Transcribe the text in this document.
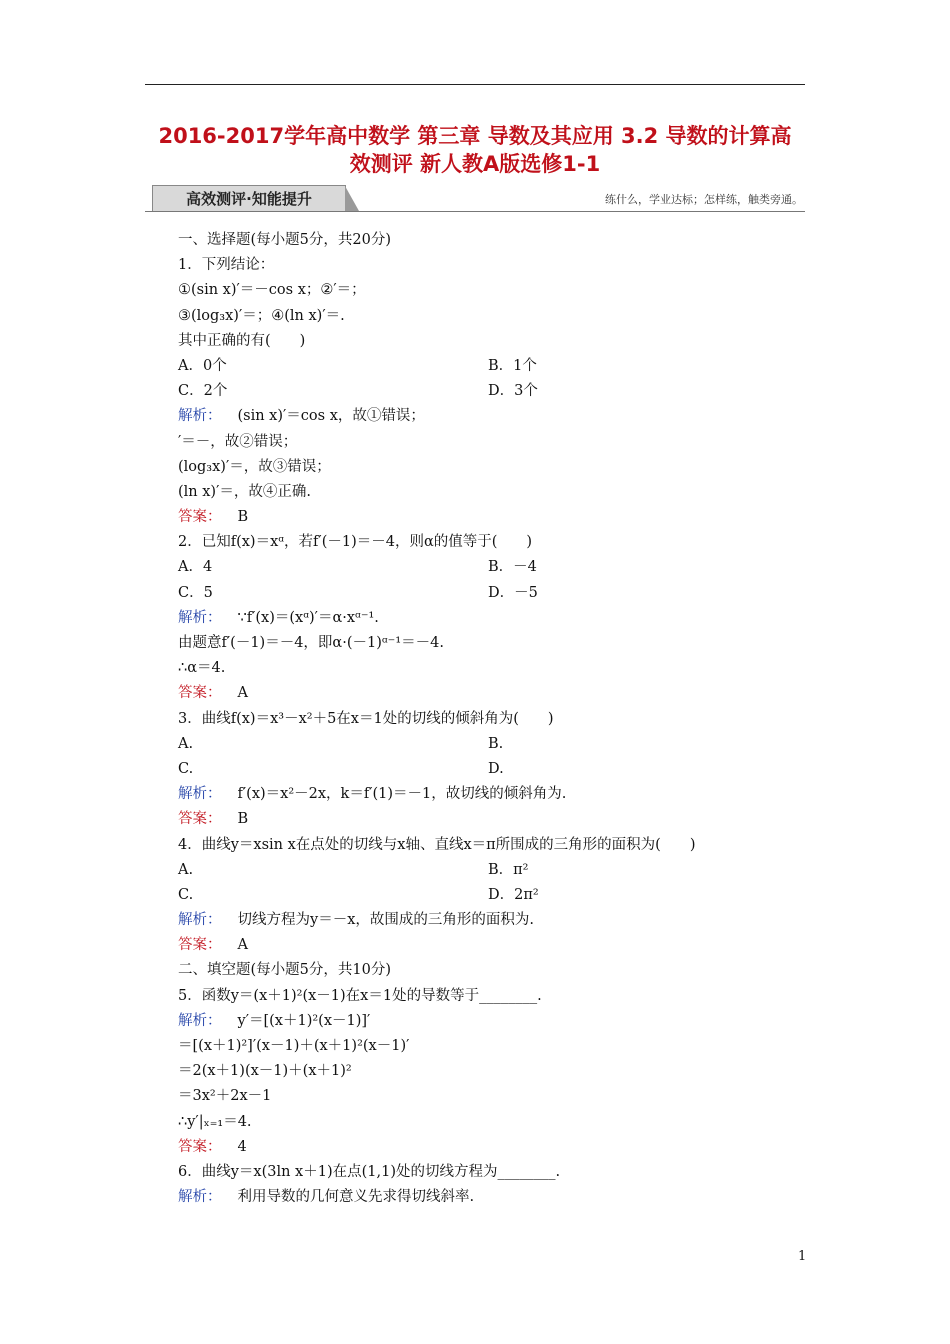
2016-2017学年高中数学 第三章 导数及其应用 3.2 导数的计算高
效测评 新人教A版选修1-1
高效测评·知能提升	练什么，学业达标；怎样练，触类旁通。
一、选择题(每小题5分，共20分)
1．下列结论：
①(sin x)′＝－cos x；②′＝；
③(log₃x)′＝；④(ln x)′＝.
其中正确的有(　　)
A．0个	B．1个
C．2个	D．3个
解析： (sin x)′＝cos x，故①错误；
′＝－，故②错误；
(log₃x)′＝，故③错误；
(ln x)′＝，故④正确.
答案： B
2．已知f(x)＝xᵅ，若f′(－1)＝－4，则α的值等于(　　)
A．4	B．－4
C．5	D．－5
解析： ∵f′(x)＝(xᵅ)′＝α·xᵅ⁻¹.
由题意f′(－1)＝－4，即α·(－1)ᵅ⁻¹＝－4.
∴α＝4.
答案： A
3．曲线f(x)＝x³－x²＋5在x＝1处的切线的倾斜角为(　　)
A.	B.
C.	D.
解析： f′(x)＝x²－2x，k＝f′(1)＝－1，故切线的倾斜角为.
答案： B
4．曲线y＝xsin x在点处的切线与x轴、直线x＝π所围成的三角形的面积为(　　)
A.	B．π²
C.	D．2π²
解析： 切线方程为y＝－x，故围成的三角形的面积为.
答案： A
二、填空题(每小题5分，共10分)
5．函数y＝(x＋1)²(x－1)在x＝1处的导数等于________.
解析： y′＝[(x＋1)²(x－1)]′
＝[(x＋1)²]′(x－1)＋(x＋1)²(x－1)′
＝2(x＋1)(x－1)＋(x＋1)²
＝3x²＋2x－1
∴y′|ₓ₌₁＝4.
答案： 4
6．曲线y＝x(3ln x＋1)在点(1,1)处的切线方程为________.
解析： 利用导数的几何意义先求得切线斜率.
1
